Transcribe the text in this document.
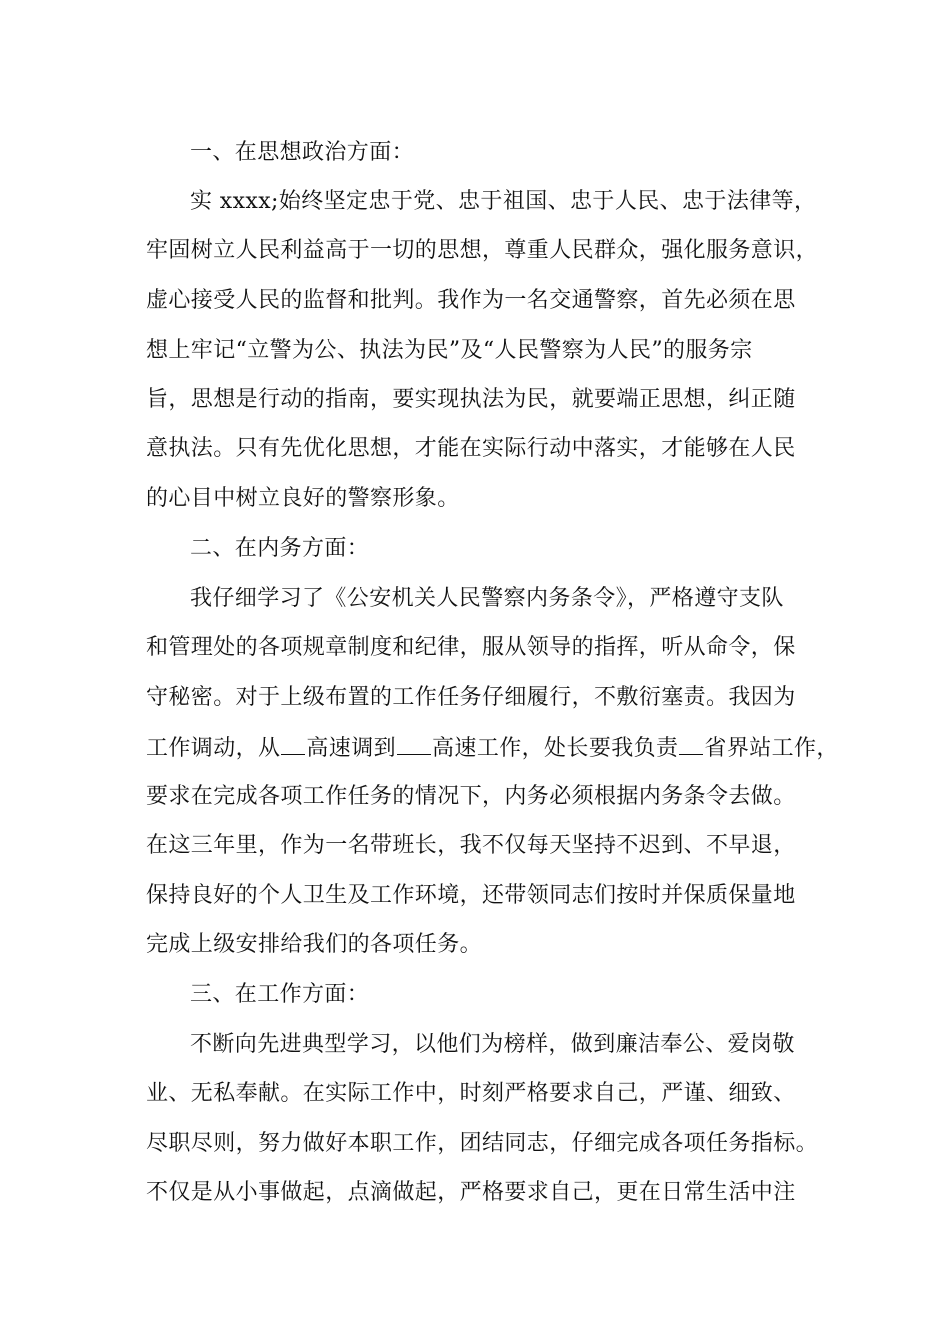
一、在思想政治方面：
实 xxxx;始终坚定忠于党、忠于祖国、忠于人民、忠于法律等，
牢固树立人民利益高于一切的思想，尊重人民群众，强化服务意识，
虚心接受人民的监督和批判。我作为一名交通警察，首先必须在思
想上牢记“立警为公、执法为民”及“人民警察为人民”的服务宗
旨，思想是行动的指南，要实现执法为民，就要端正思想，纠正随
意执法。只有先优化思想，才能在实际行动中落实，才能够在人民
的心目中树立良好的警察形象。
二、在内务方面：
我仔细学习了《公安机关人民警察内务条令》，严格遵守支队
和管理处的各项规章制度和纪律，服从领导的指挥，听从命令，保
守秘密。对于上级布置的工作任务仔细履行，不敷衍塞责。我因为
工作调动，从 高速调到 高速工作，处长要我负责 省界站工作，
要求在完成各项工作任务的情况下，内务必须根据内务条令去做。
在这三年里，作为一名带班长，我不仅每天坚持不迟到、不早退，
保持良好的个人卫生及工作环境，还带领同志们按时并保质保量地
完成上级安排给我们的各项任务。
三、在工作方面：
不断向先进典型学习，以他们为榜样，做到廉洁奉公、爱岗敬
业、无私奉献。在实际工作中，时刻严格要求自己，严谨、细致、
尽职尽则，努力做好本职工作，团结同志，仔细完成各项任务指标。
不仅是从小事做起，点滴做起，严格要求自己，更在日常生活中注
